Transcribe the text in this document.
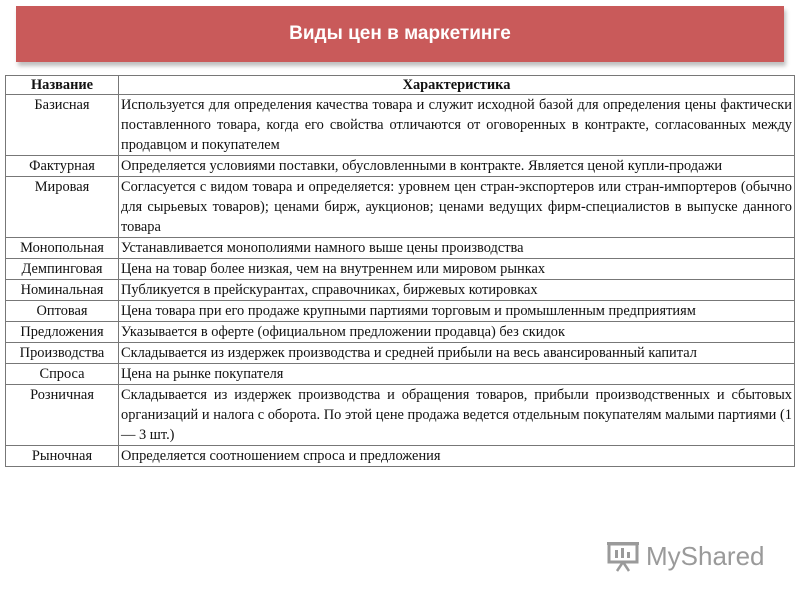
Виды цен в маркетинге
Название	Характеристика
Базисная	Используется для определения качества товара и служит исходной базой для определения цены фактически поставленного товара, когда его свойства отличаются от оговоренных в контракте, согласованных между продавцом и покупателем
Фактурная	Определяется условиями поставки, обусловленными в контракте. Является ценой купли-продажи
Мировая	Согласуется с видом товара и определяется: уровнем цен стран-экспортеров или стран-импортеров (обычно для сырьевых товаров); ценами бирж, аукционов; ценами ведущих фирм-специалистов в выпуске данного товара
Монопольная	Устанавливается монополиями намного выше цены производства
Демпинговая	Цена на товар более низкая, чем на внутреннем или мировом рынках
Номинальная	Публикуется в прейскурантах, справочниках, биржевых котировках
Оптовая	Цена товара при его продаже крупными партиями торговым и промышленным предприятиям
Предложения	Указывается в оферте (официальном предложении продавца) без скидок
Производства	Складывается из издержек производства и средней прибыли на весь авансированный капитал
Спроса	Цена на рынке покупателя
Розничная	Складывается из издержек производства и обращения товаров, прибыли производственных и сбытовых организаций и налога с оборота. По этой цене продажа ведется отдельным покупателям малыми партиями (1— 3 шт.)
Рыночная	Определяется соотношением спроса и предложения
MyShared
